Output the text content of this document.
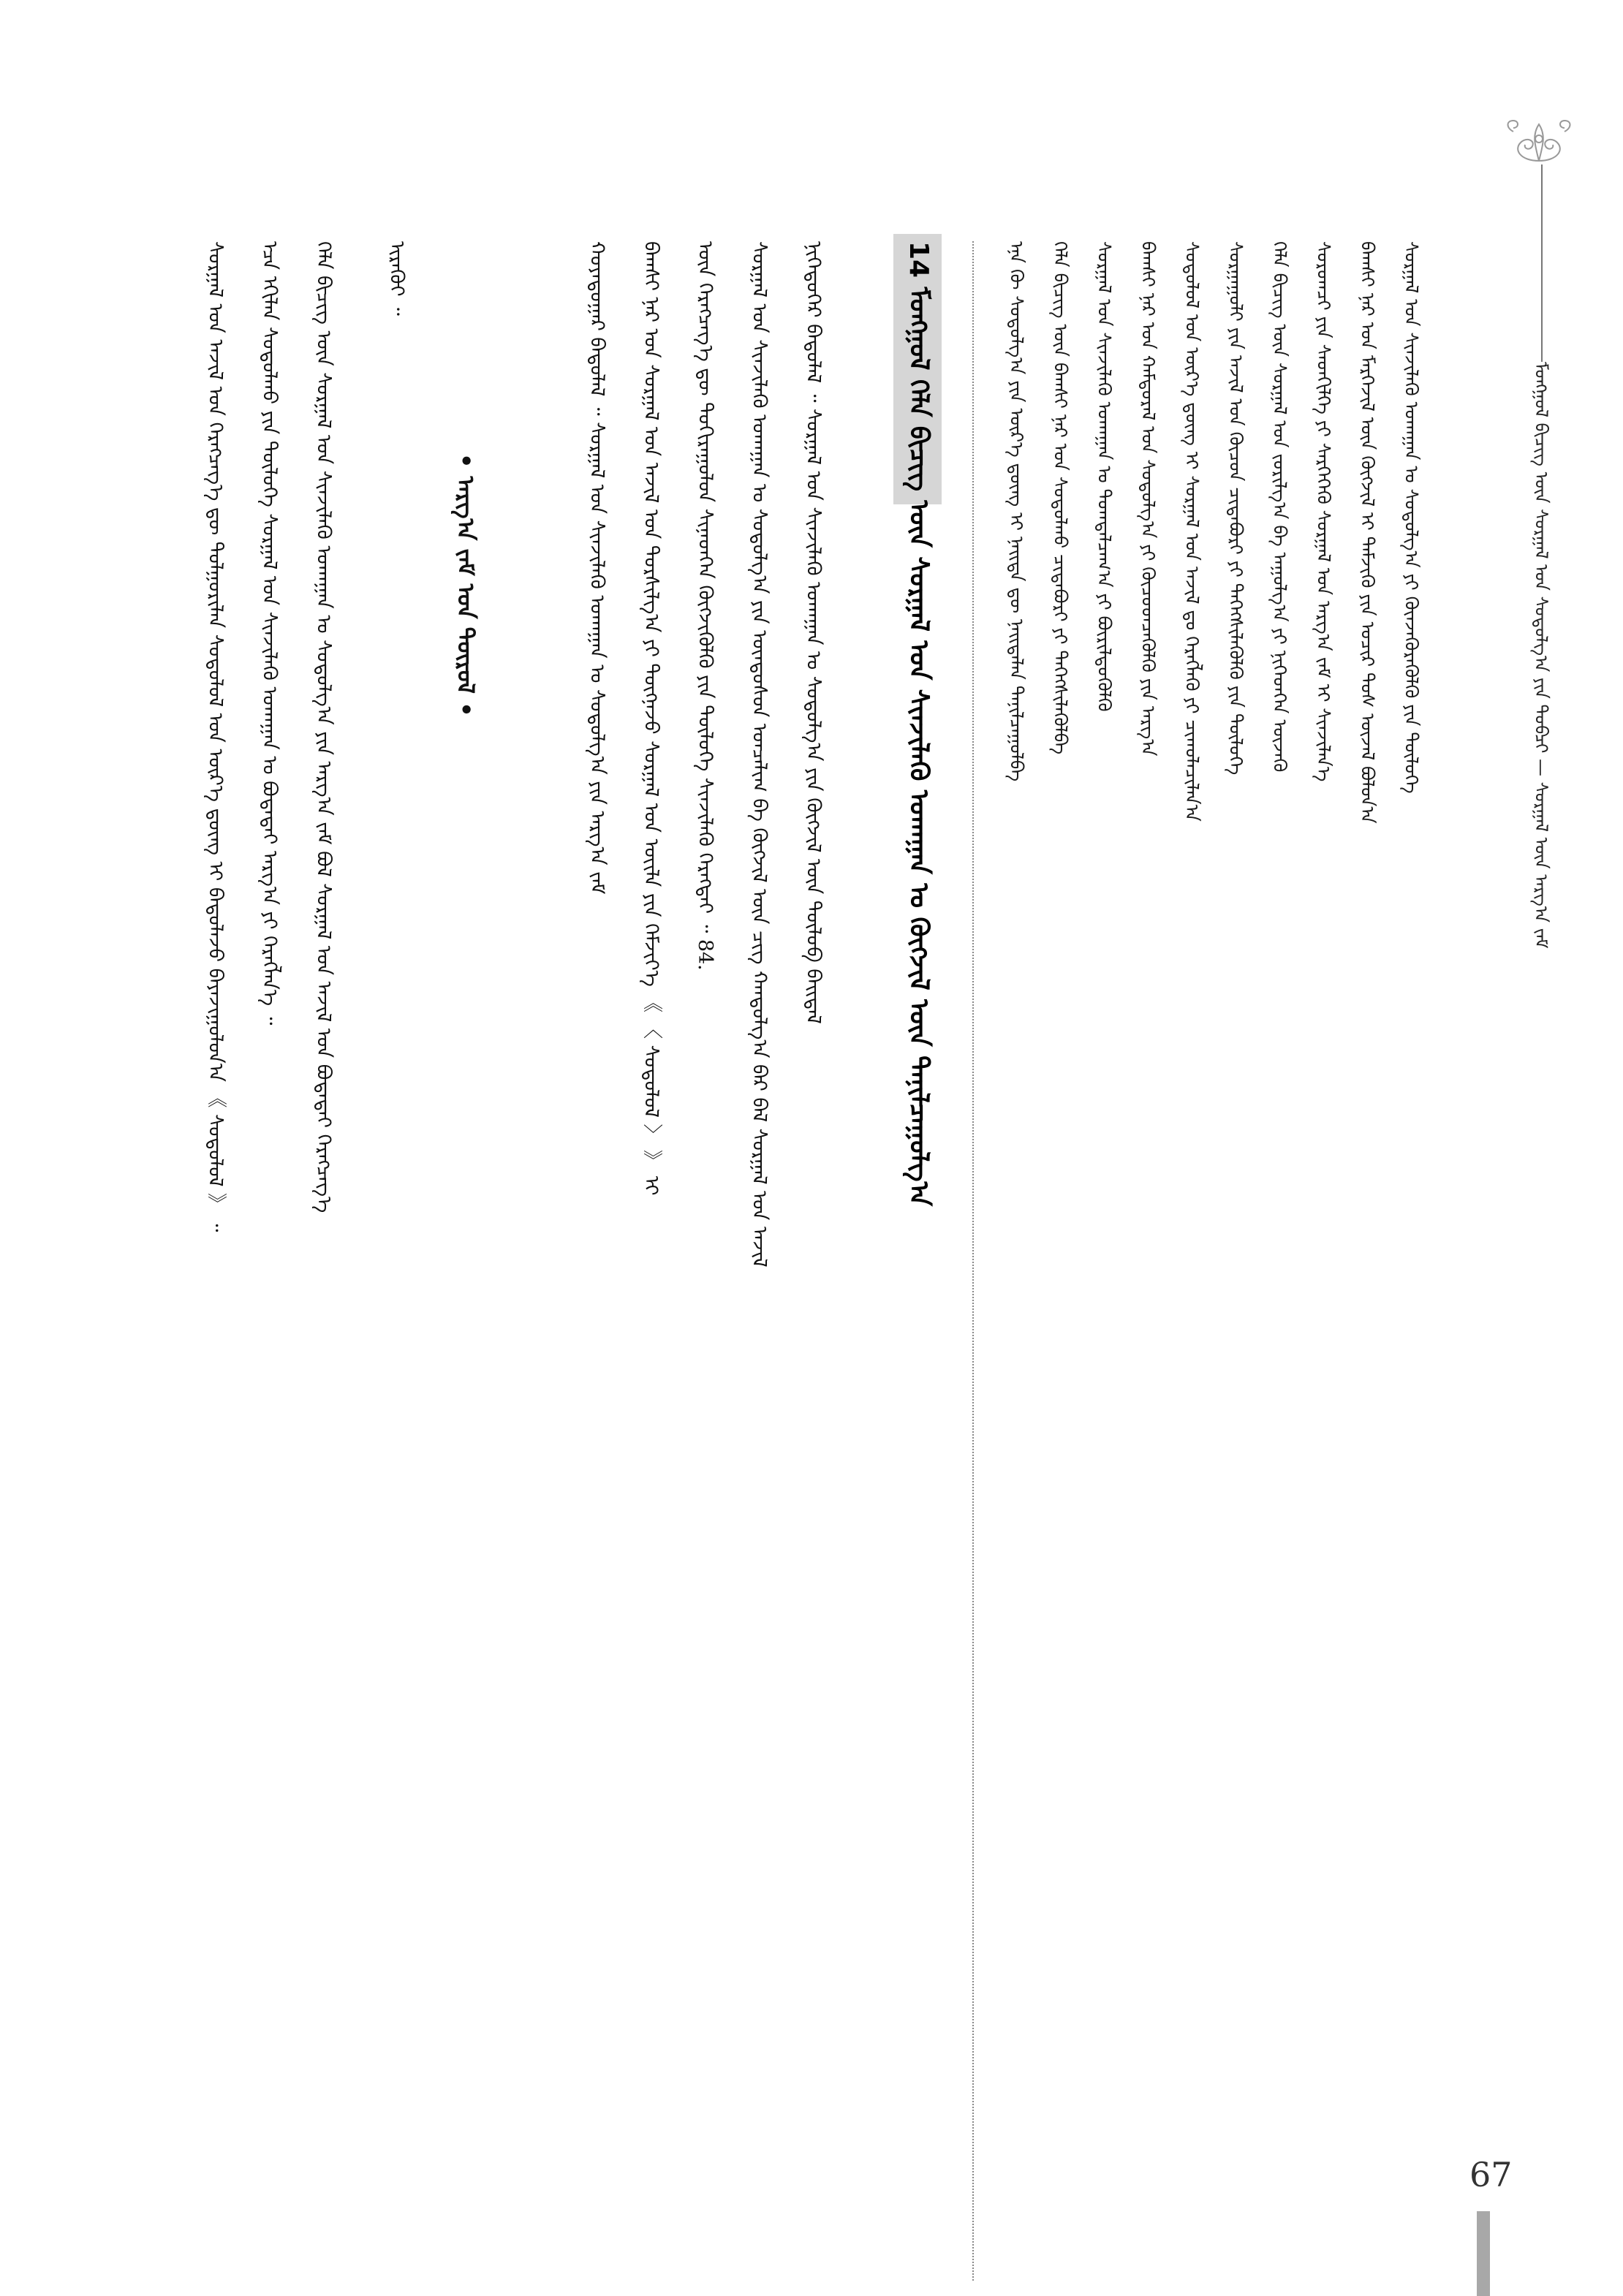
ᠮᠣᠩᠭᠣᠯ ᠪᠢᠴᠢᠭ᠌ ᠦᠨ ᠰᠤᠷᠭᠠᠯ ᠤᠨ ᠰᠤᠳᠤᠯᠭ᠎ᠠ ᠶᠢᠨ ᠲᠣᠪᠴᠢ — ᠰᠤᠷᠭᠠᠯ ᠦᠨ ᠠᠷᠭ᠎ᠠ ᠵᠠᠮ
ᠰᠤᠷᠭᠠᠯ ᠤᠨ ᠰᠢᠨᠵᠢᠯᠡᠬᠦ ᠤᠬᠠᠭᠠᠨ ᠤ ᠰᠤᠳᠤᠯᠭ᠎ᠠ ᠶᠢ ᠭᠦᠨᠵᠡᠭᠦᠷᠡᠭᠦᠯᠬᠦ ᠶᠢᠨ ᠲᠥᠯᠥᠭᠡ
ᠪᠠᠭᠰᠢ ᠨᠠᠷ ᠤᠨ ᠮᠡᠷᠭᠡᠵᠢᠯ ᠦᠨ ᠬᠥᠭᠵᠢᠯ ᠢ ᠳᠡᠮᠵᠢᠬᠦ ᠶᠢᠨ ᠤᠴᠢᠷ ᠲᠤᠰ ᠦᠵᠡᠯ ᠪᠣᠯᠤᠨ᠎ᠠ
ᠰᠤᠷᠤᠭᠴᠢ ᠶᠢᠨ ᠰᠡᠳᠬᠢᠯᠭᠡ ᠶᠢ ᠰᠡᠷᠭᠡᠭᠡᠬᠦ ᠰᠤᠷᠭᠠᠯ ᠤᠨ ᠠᠷᠭ᠎ᠠ ᠵᠠᠮ ᠢ ᠰᠢᠨᠵᠢᠯᠡᠨ᠎ᠡ
ᠬᠡᠯᠡ ᠪᠢᠴᠢᠭ᠌ ᠦᠨ ᠰᠤᠷᠭᠠᠯ ᠤᠨ ᠵᠣᠷᠢᠯᠭ᠎ᠠ ᠪᠠ ᠠᠭᠤᠯᠭ᠎ᠠ ᠶᠢ ᠨᠢᠭᠡᠳᠭᠡᠨ ᠦᠵᠡᠬᠦ
ᠰᠤᠷᠭᠠᠭᠤᠯᠢ ᠶᠢᠨ ᠠᠵᠢᠯ ᠤᠨ ᠬᠦᠴᠦᠨ ᠴᠢᠳᠠᠪᠤᠷᠢ ᠶᠢ ᠳᠡᠭᠡᠭᠰᠢᠯᠡᠭᠦᠯᠬᠦ ᠶᠢᠨ ᠲᠥᠯᠥᠭᠡ
ᠰᠤᠳᠤᠯᠤᠯ ᠤᠨ ᠦᠷ᠎ᠡ ᠳ᠋ᠦᠩ ᠢ ᠰᠤᠷᠭᠠᠯ ᠤᠨ ᠠᠵᠢᠯ ᠳᠤ ᠬᠡᠷᠡᠭᠯᠡᠬᠦ ᠶᠢ ᠴᠢᠬᠤᠯᠠᠴᠢᠯᠠᠨ᠎ᠠ
ᠪᠠᠭᠰᠢ ᠨᠠᠷ ᠤᠨ ᠬᠠᠮᠲᠤᠷᠠᠯ ᠤᠨ ᠰᠤᠳᠤᠯᠭ᠎ᠠ ᠶᠢ ᠬᠦᠴᠦᠳᠴᠡᠭᠦᠯᠬᠦ ᠶᠢᠨ ᠠᠷᠭ᠎ᠠ
ᠰᠤᠷᠭᠠᠯ ᠤᠨ ᠰᠢᠨᠵᠢᠯᠡᠬᠦ ᠤᠬᠠᠭᠠᠨ ᠤ ᠲᠣᠭᠲᠠᠯᠴᠠᠭ᠎ᠠ ᠶᠢ ᠪᠦᠷᠢᠯᠳᠦᠭᠦᠯᠬᠦ
ᠬᠡᠯᠡ ᠪᠢᠴᠢᠭ᠌ ᠦᠨ ᠪᠠᠭᠰᠢ ᠨᠠᠷ ᠤᠨ ᠰᠤᠳᠤᠯᠬᠤ ᠴᠢᠳᠠᠪᠤᠷᠢ ᠶᠢ ᠳᠡᠭᠡᠭᠰᠢᠯᠡᠭᠦᠯᠪᠡ
ᠡᠨᠡ ᠬᠦ ᠰᠤᠳᠤᠯᠭ᠎ᠠ ᠶᠢᠨ ᠦᠷ᠎ᠡ ᠳ᠋ᠦᠩ ᠢ ᠨᠡᠢᠲᠡ ᠳᠦ ᠨᠡᠢᠲᠡᠯᠡᠨ ᠲᠠᠨᠢᠯᠴᠠᠭᠤᠯᠪᠠ
14 ᠮᠣᠩᠭᠣᠯ ᠬᠡᠯᠡ ᠪᠢᠴᠢᠭ᠌ ᠦᠨ ᠰᠤᠷᠭᠠᠯ ᠤᠨ ᠰᠢᠨᠵᠢᠯᠡᠬᠦ ᠤᠬᠠᠭᠠᠨ ᠤ ᠬᠥᠭᠵᠢᠯ ᠦᠨ ᠲᠠᠨᠢᠯᠴᠠᠭᠤᠯᠭ᠎ᠠ
ᠨᠢᠭᠡᠳᠦᠭᠡᠷ ᠪᠠᠲᠤᠯᠠᠯ ᠃ ᠰᠤᠷᠭᠠᠯ ᠤᠨ ᠰᠢᠨᠵᠢᠯᠡᠬᠦ ᠤᠬᠠᠭᠠᠨ ᠤ ᠰᠤᠳᠤᠯᠭ᠎ᠠ ᠶᠢᠨ ᠬᠥᠭᠵᠢᠯ ᠦᠨ ᠲᠥᠯᠥᠪ ᠪᠠᠢᠳᠠᠯ
ᠰᠤᠷᠭᠠᠯ ᠤᠨ ᠰᠢᠨᠵᠢᠯᠡᠬᠦ ᠤᠬᠠᠭᠠᠨ ᠤ ᠰᠤᠳᠤᠯᠭ᠎ᠠ ᠶᠢᠨ ᠦᠨᠳᠦᠰᠦᠨ ᠣᠨᠴᠠᠯᠢᠭ ᠪᠠ ᠬᠥᠭᠵᠢᠯ ᠦᠨ ᠴᠢᠭ ᠬᠠᠨᠳᠤᠯᠭ᠎ᠠ ᠪᠠᠷ ᠪᠠᠯ ᠰᠤᠷᠭᠠᠯ ᠤᠨ ᠠᠵᠢᠯ
ᠦᠨ ᠬᠡᠷᠡᠭᠴᠡᠭ᠎ᠡ ᠳᠦ ᠲᠣᠬᠢᠷᠠᠭᠤᠯᠤᠨ ᠰᠢᠨᠡᠳᠬᠡᠨ ᠬᠥᠭᠵᠢᠭᠦᠯᠬᠦ ᠶᠢᠨ ᠲᠥᠯᠥᠭᠡ ᠰᠢᠨᠵᠢᠯᠡᠬᠦ ᠬᠡᠷᠡᠭᠲᠡᠢ ᠃ 84.
ᠪᠠᠭᠰᠢ ᠨᠠᠷ ᠤᠨ ᠰᠤᠷᠭᠠᠯ ᠤᠨ ᠠᠵᠢᠯ ᠤᠨ ᠲᠤᠷᠰᠢᠯᠭ᠎ᠠ ᠶᠢ ᠳᠦᠭᠨᠡᠵᠦ ᠰᠤᠷᠭᠠᠯ ᠤᠨ ᠦᠢᠯᠡ ᠶᠢᠨ ᠬᠡᠮᠵᠢᠶ᠎ᠡ 《 〈 ᠰᠤᠳᠤᠯᠤᠯ 〉 》 ᠢ
ᠬᠣᠶᠠᠳᠤᠭᠠᠷ ᠪᠠᠲᠤᠯᠠᠯ ᠃ ᠰᠤᠷᠭᠠᠯ ᠤᠨ ᠰᠢᠨᠵᠢᠯᠡᠬᠦ ᠤᠬᠠᠭᠠᠨ ᠤ ᠰᠤᠳᠤᠯᠭ᠎ᠠ ᠶᠢᠨ ᠠᠷᠭ᠎ᠠ ᠵᠠᠮ
• ᠠᠷᠭ᠎ᠠ ᠵᠠᠮ ᠤᠨ ᠲᠥᠷᠥᠯ •
ᠢᠷᠡᠭᠦᠢ ᠃
ᠬᠡᠯᠡ ᠪᠢᠴᠢᠭ᠌ ᠦᠨ ᠰᠤᠷᠭᠠᠯ ᠤᠨ ᠰᠢᠨᠵᠢᠯᠡᠬᠦ ᠤᠬᠠᠭᠠᠨ ᠤ ᠰᠤᠳᠤᠯᠭ᠎ᠠ ᠶᠢᠨ ᠠᠷᠭ᠎ᠠ ᠵᠠᠮ ᠪᠣᠯ ᠰᠤᠷᠭᠠᠯ ᠤᠨ ᠠᠵᠢᠯ ᠤᠨ ᠪᠣᠳᠠᠳᠠᠢ ᠬᠡᠷᠡᠭᠴᠡᠭ᠎ᠡ
ᠡᠴᠡ ᠡᠬᠢᠯᠡᠨ ᠰᠤᠳᠤᠯᠬᠤ ᠶᠢᠨ ᠲᠥᠯᠥᠭᠡ ᠰᠤᠷᠭᠠᠯ ᠤᠨ ᠰᠢᠨᠵᠢᠯᠡᠬᠦ ᠤᠬᠠᠭᠠᠨ ᠤ ᠪᠣᠳᠠᠳᠠᠢ ᠠᠷᠭ᠎ᠠ ᠶᠢ ᠬᠡᠷᠡᠭᠯᠡᠨ᠎ᠡ ᠃
ᠰᠤᠷᠭᠠᠯ ᠤᠨ ᠠᠵᠢᠯ ᠤᠨ ᠬᠡᠷᠡᠭᠴᠡᠭ᠎ᠡ ᠳᠦ ᠲᠤᠯᠭᠤᠷᠢᠯᠠᠨ ᠰᠤᠳᠤᠯᠤᠯ ᠤᠨ ᠦᠷ᠎ᠡ ᠳ᠋ᠦᠩ ᠢ ᠪᠠᠲᠤᠯᠠᠵᠤ ᠪᠠᠶᠠᠵᠢᠭᠤᠯᠤᠨ᠎ᠠ 《 ᠰᠤᠳᠤᠯᠤᠯ 》 ᠃
67
